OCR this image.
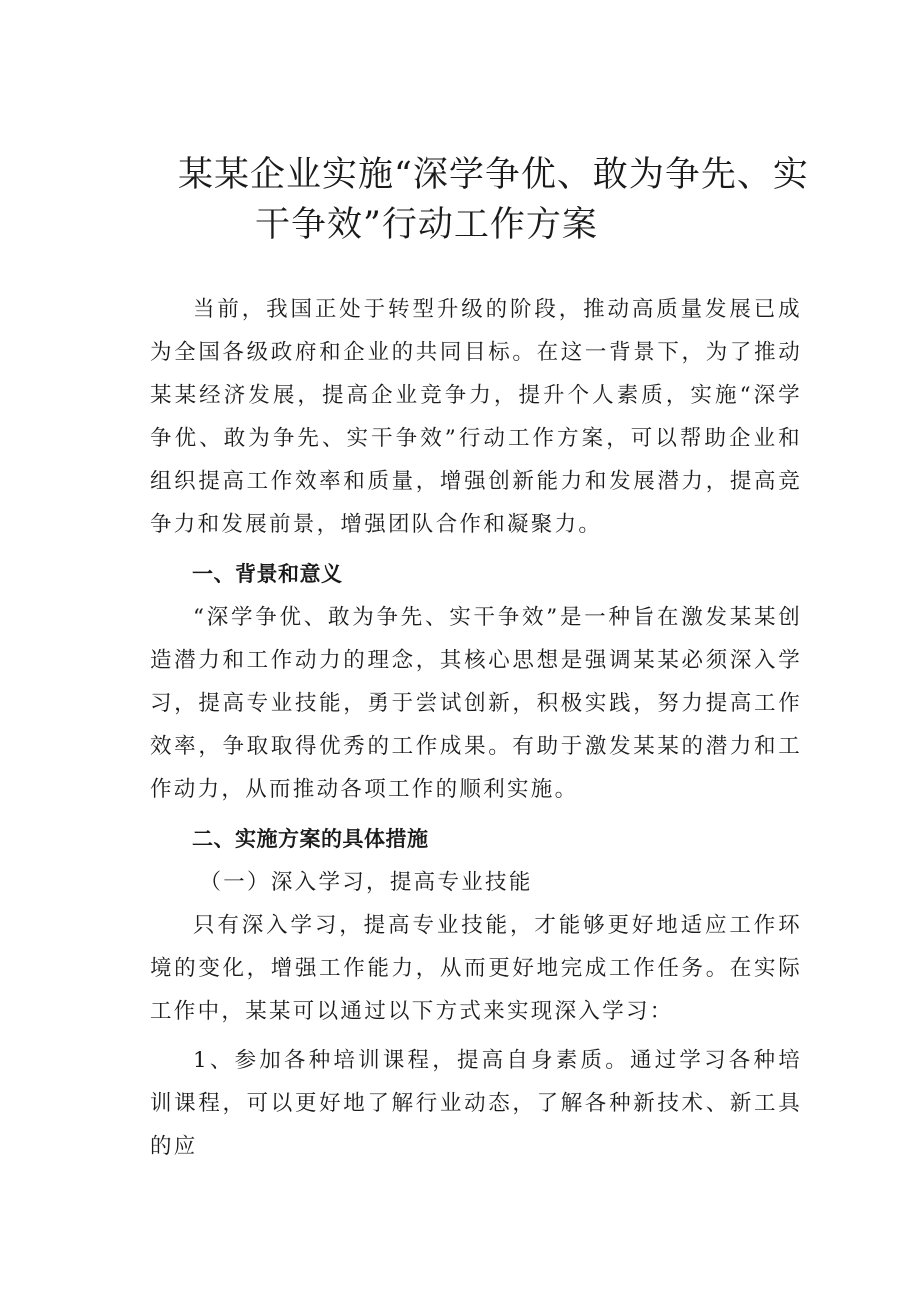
某某企业实施“深学争优、敢为争先、实
干争效”行动工作方案

当前，我国正处于转型升级的阶段，推动高质量发展已成为全国各级政府和企业的共同目标。在这一背景下，为了推动某某经济发展，提高企业竞争力，提升个人素质，实施“深学争优、敢为争先、实干争效”行动工作方案，可以帮助企业和组织提高工作效率和质量，增强创新能力和发展潜力，提高竞争力和发展前景，增强团队合作和凝聚力。

一、背景和意义

“深学争优、敢为争先、实干争效”是一种旨在激发某某创造潜力和工作动力的理念，其核心思想是强调某某必须深入学习，提高专业技能，勇于尝试创新，积极实践，努力提高工作效率，争取取得优秀的工作成果。有助于激发某某的潜力和工作动力，从而推动各项工作的顺利实施。

二、实施方案的具体措施

（一）深入学习，提高专业技能

只有深入学习，提高专业技能，才能够更好地适应工作环境的变化，增强工作能力，从而更好地完成工作任务。在实际工作中，某某可以通过以下方式来实现深入学习：

1、参加各种培训课程，提高自身素质。通过学习各种培训课程，可以更好地了解行业动态，了解各种新技术、新工具的应
